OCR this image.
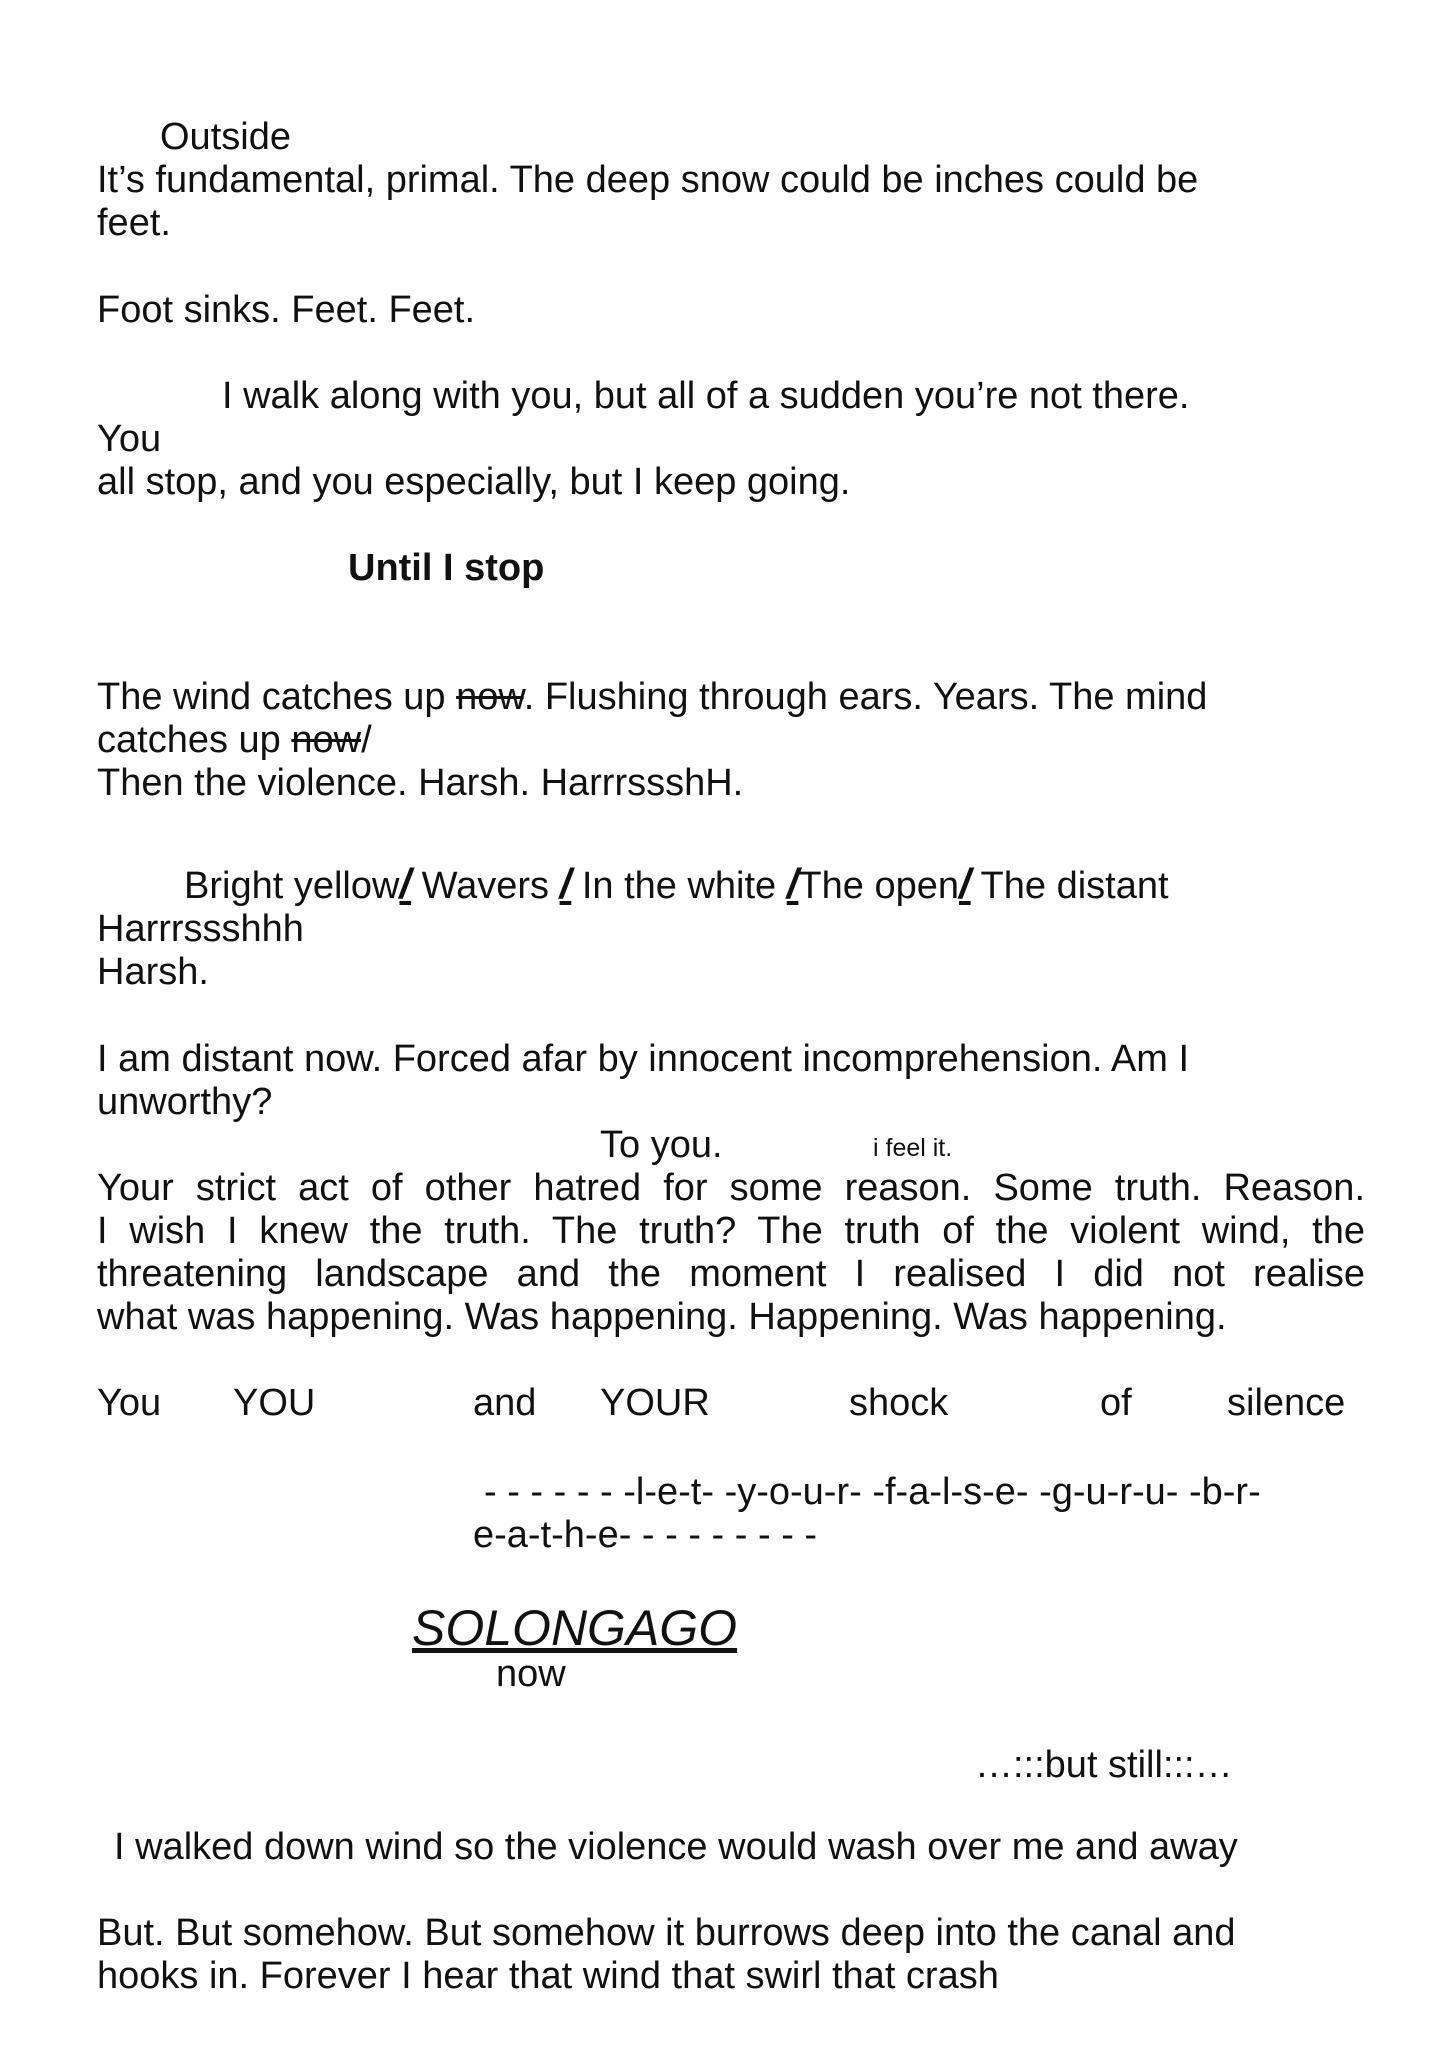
Outside
It’s fundamental, primal. The deep snow could be inches could be
feet.
Foot sinks. Feet. Feet.
I walk along with you, but all of a sudden you’re not there.
You
all stop, and you especially, but I keep going.
Until I stop
The wind catches up now. Flushing through ears. Years. The mind
catches up now/
Then the violence. Harsh. HarrrssshH.
Bright yellow/ Wavers / In the white /The open/ The distant
Harrrssshhh
Harsh.
I am distant now. Forced afar by innocent incomprehension. Am I
unworthy?
To you.	i feel it.
Your strict act of other hatred for some reason. Some truth. Reason.
I wish I knew the truth. The truth? The truth of the violent wind, the
threatening landscape and the moment I realised I did not realise
what was happening. Was happening. Happening. Was happening.
You YOU	and YOUR	shock	of	silence
- - - - - - -l-e-t- -y-o-u-r- -f-a-l-s-e- -g-u-r-u- -b-r-
e-a-t-h-e- - - - - - - - -
SOLONGAGO
now
…:::but still:::…
I walked down wind so the violence would wash over me and away
But. But somehow. But somehow it burrows deep into the canal and
hooks in. Forever I hear that wind that swirl that crash
